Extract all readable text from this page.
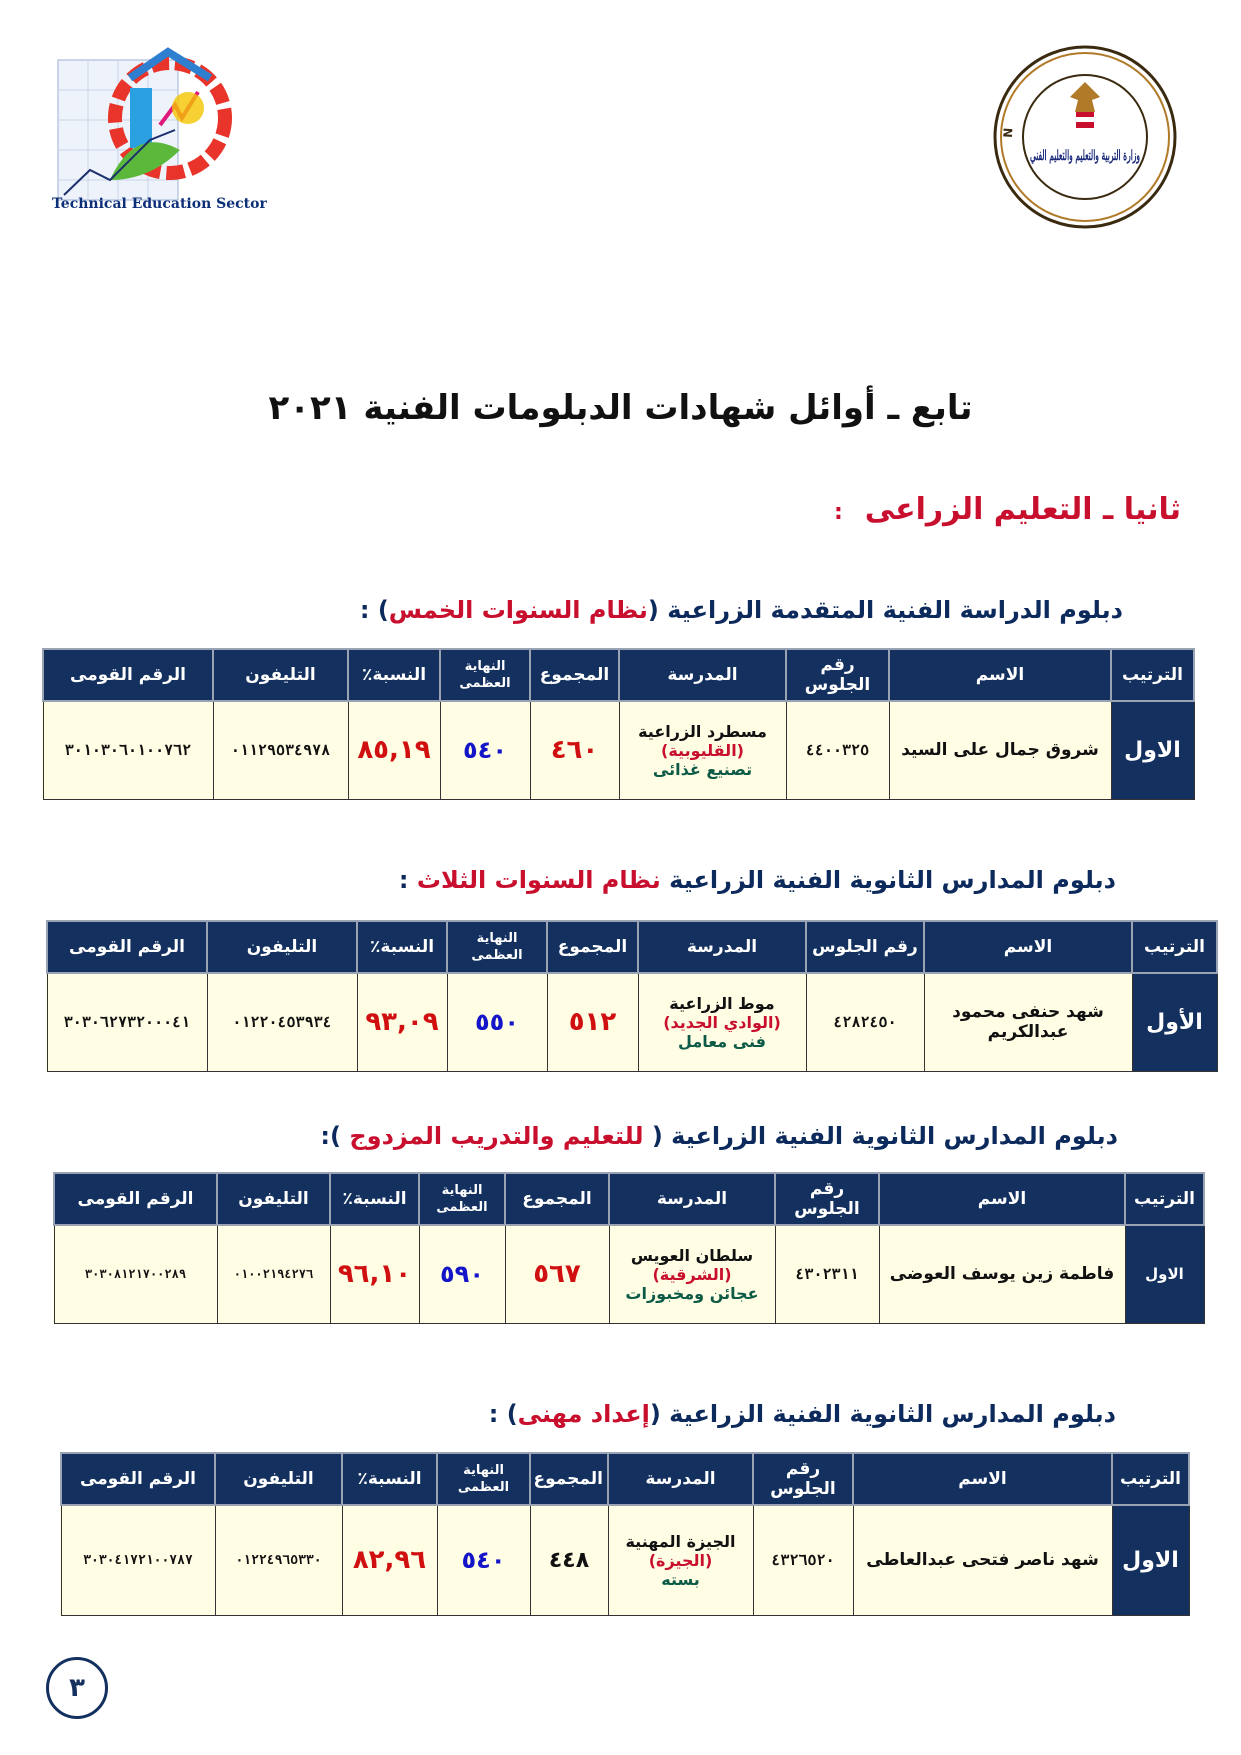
Technical Education Sector
N
وزارة التربية والتعليم والتعليم الفني
تابع ـ أوائل شهادات الدبلومات الفنية ٢٠٢١
ثانيا ـ التعليم الزراعى:
دبلوم الدراسة الفنية المتقدمة الزراعية (نظام السنوات الخمس) :
الترتيب	الاسم	رقم الجلوس	المدرسة	المجموع	النهاية العظمى	النسبة٪	التليفون	الرقم القومى
الاول	شروق جمال على السيد	٤٤٠٠٣٢٥	مسطرد الزراعية
(القليوبية)
تصنيع غذائى	٤٦٠	٥٤٠	٨٥,١٩	٠١١٢٩٥٣٤٩٧٨	٣٠١٠٣٠٦٠١٠٠٧٦٢
دبلوم المدارس الثانوية الفنية الزراعية نظام السنوات الثلاث :
الترتيب	الاسم	رقم الجلوس	المدرسة	المجموع	النهاية العظمى	النسبة٪	التليفون	الرقم القومى
الأول	شهد حنفى محمود عبدالكريم	٤٢٨٢٤٥٠	موط الزراعية
(الوادي الجديد)
فنى معامل	٥١٢	٥٥٠	٩٣,٠٩	٠١٢٢٠٤٥٣٩٣٤	٣٠٣٠٦٢٧٣٢٠٠٠٤١
دبلوم المدارس الثانوية الفنية الزراعية ( للتعليم والتدريب المزدوج ):
الترتيب	الاسم	رقم الجلوس	المدرسة	المجموع	النهاية العظمى	النسبة٪	التليفون	الرقم القومى
الاول	فاطمة زين يوسف العوضى	٤٣٠٢٣١١	سلطان العويس
(الشرقية)
عجائن ومخبوزات	٥٦٧	٥٩٠	٩٦,١٠	٠١٠٠٢١٩٤٢٧٦	٣٠٣٠٨١٢١٧٠٠٢٨٩
دبلوم المدارس الثانوية الفنية الزراعية (إعداد مهنى) :
الترتيب	الاسم	رقم الجلوس	المدرسة	المجموع	النهاية العظمى	النسبة٪	التليفون	الرقم القومى
الاول	شهد ناصر فتحى عبدالعاطى	٤٣٢٦٥٢٠	الجيزة المهنية
(الجيزة)
بسته	٤٤٨	٥٤٠	٨٢,٩٦	٠١٢٢٤٩٦٥٣٣٠	٣٠٣٠٤١٧٢١٠٠٧٨٧
٣
